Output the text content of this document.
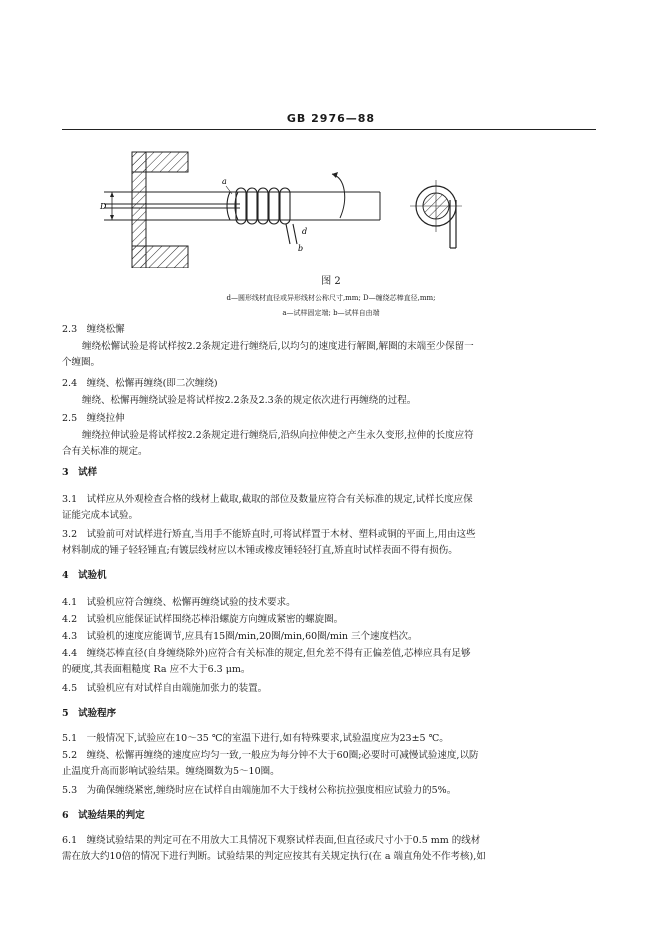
GB 2976—88
D
a
d
b
图 2
d—圆形线材直径或异形线材公称尺寸,mm; D—缠绕芯棒直径,mm;
a—试样固定端; b—试样自由端
2.3　缠绕松懈
缠绕松懈试验是将试样按2.2条规定进行缠绕后,以均匀的速度进行解圈,解圈的末端至少保留一
个缠圈。
2.4　缠绕、松懈再缠绕(即二次缠绕)
缠绕、松懈再缠绕试验是将试样按2.2条及2.3条的规定依次进行再缠绕的过程。
2.5　缠绕拉伸
缠绕拉伸试验是将试样按2.2条规定进行缠绕后,沿纵向拉伸使之产生永久变形,拉伸的长度应符
合有关标准的规定。
3　试样
3.1　试样应从外观检查合格的线材上截取,截取的部位及数量应符合有关标准的规定,试样长度应保
证能完成本试验。
3.2　试验前可对试样进行矫直,当用手不能矫直时,可将试样置于木材、塑料或铜的平面上,用由这些
材料制成的锤子轻轻锤直;有镀层线材应以木锤或橡皮锤轻轻打直,矫直时试样表面不得有损伤。
4　试验机
4.1　试验机应符合缠绕、松懈再缠绕试验的技术要求。
4.2　试验机应能保证试样围绕芯棒沿螺旋方向缠成紧密的螺旋圈。
4.3　试验机的速度应能调节,应具有15圈/min,20圈/min,60圈/min 三个速度档次。
4.4　缠绕芯棒直径(自身缠绕除外)应符合有关标准的规定,但允差不得有正偏差值,芯棒应具有足够
的硬度,其表面粗糙度 Ra 应不大于6.3 μm。
4.5　试验机应有对试样自由端施加张力的装置。
5　试验程序
5.1　一般情况下,试验应在10～35 ℃的室温下进行,如有特殊要求,试验温度应为23±5 ℃。
5.2　缠绕、松懈再缠绕的速度应均匀一致,一般应为每分钟不大于60圈;必要时可减慢试验速度,以防
止温度升高而影响试验结果。缠绕圈数为5～10圈。
5.3　为确保缠绕紧密,缠绕时应在试样自由端施加不大于线材公称抗拉强度相应试验力的5%。
6　试验结果的判定
6.1　缠绕试验结果的判定可在不用放大工具情况下观察试样表面,但直径或尺寸小于0.5 mm 的线材
需在放大约10倍的情况下进行判断。试验结果的判定应按其有关规定执行(在 a 端直角处不作考核),如
